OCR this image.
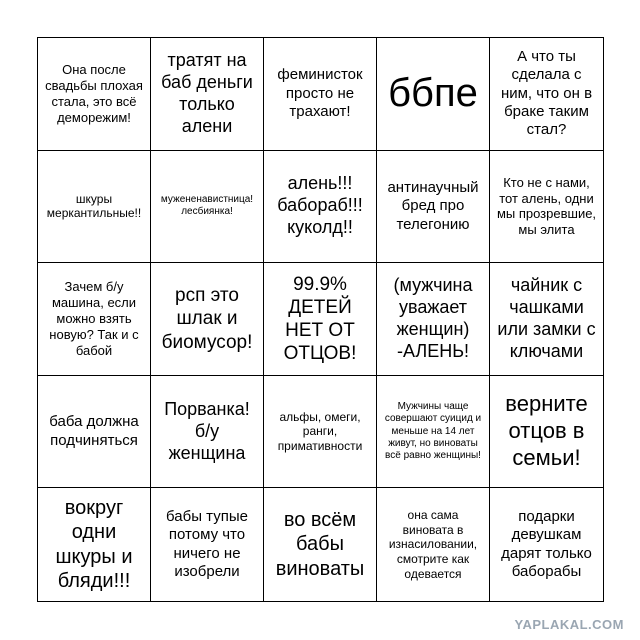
Она после свадьбы плохая стала, это всё деморежим!
тратят на баб деньги только алени
феминисток просто не трахают! ббпе
А что ты сделала с ним, что он в браке таким стал?
шкуры меркантильные!!
мужененавистница! лесбиянка!
алень!!! бабораб!!! куколд!!
антинаучный бред про телегонию
Кто не с нами, тот алень, одни мы прозревшие, мы элита
Зачем б/у машина, если можно взять новую? Так и с бабой
рсп это шлак и биомусор!
99.9% ДЕТЕЙ НЕТ ОТ ОТЦОВ!
(мужчина уважает женщин) -АЛЕНЬ!
чайник с чашками или замки с ключами
баба должна подчиняться
Порванка! б/у женщина
альфы, омеги, ранги, примативности
Мужчины чаще совершают суицид и меньше на 14 лет живут, но виноваты всё равно женщины!
верните отцов в семьи!
вокруг одни шкуры и бляди!!!
бабы тупые потому что ничего не изобрели
во всём бабы виноваты
она сама виновата в изнасиловании, смотрите как одевается
подарки девушкам дарят только баборабы
YAPLAKAL.COM
